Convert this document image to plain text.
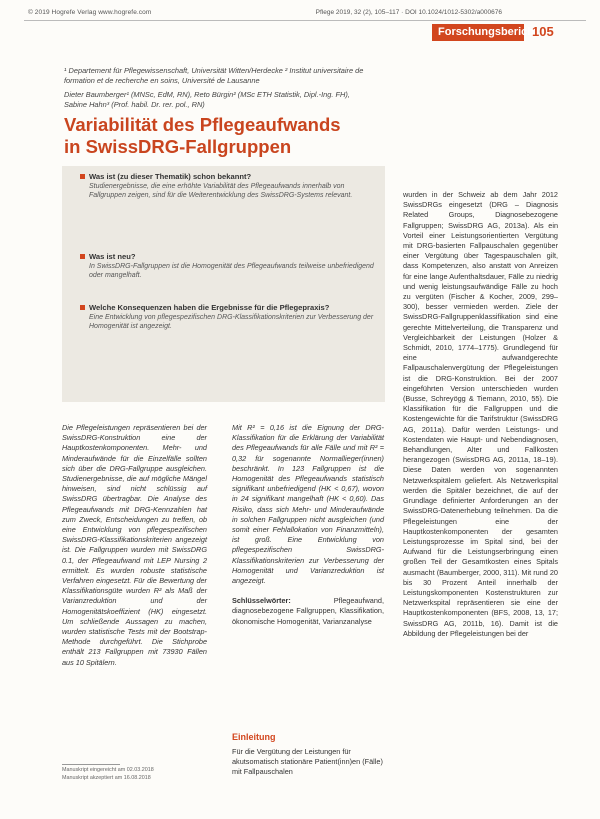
© 2019 Hogrefe Verlag www.hogrefe.com	Pflege 2019, 32 (2), 105–117 · DOI 10.1024/1012-5302/a000676
Forschungsbericht
105
¹ Departement für Pflegewissenschaft, Universität Witten/Herdecke ² Institut universitaire de formation et de recherche en soins, Université de Lausanne
Dieter Baumberger¹ (MNSc, EdM, RN), Reto Bürgin² (MSc ETH Statistik, Dipl.-Ing. FH),
Sabine Hahn³ (Prof. habil. Dr. rer. pol., RN)
Variabilität des Pflegeaufwands
in SwissDRG-Fallgruppen
Was ist (zu dieser Thematik) schon bekannt?
Studienergebnisse, die eine erhöhte Variabilität des Pflegeaufwands innerhalb von Fallgruppen zeigen, sind für die Weiterentwicklung des SwissDRG-Systems relevant.
Was ist neu?
In SwissDRG-Fallgruppen ist die Homogenität des Pflegeaufwands teilweise unbefriedigend oder mangelhaft.
Welche Konsequenzen haben die Ergebnisse für die Pflegepraxis?
Eine Entwicklung von pflegespezifischen DRG-Klassifikationskriterien zur Verbesserung der Homogenität ist angezeigt.
Die Pflegeleistungen repräsentieren bei der SwissDRG-Konstruktion eine der Hauptkostenkomponenten. Mehr- und Minderaufwände für die Einzelfälle sollten sich über die DRG-Fallgruppe ausgleichen. Studienergebnisse, die auf mögliche Mängel hinweisen, sind nicht schlüssig auf SwissDRG übertragbar. Die Analyse des Pflegeaufwands mit DRG-Kennzahlen hat zum Zweck, Entscheidungen zu treffen, ob eine Entwicklung von pflegespezifischen SwissDRG-Klassifikationskriterien angezeigt ist. Die Fallgruppen wurden mit SwissDRG 0.1, der Pflegeaufwand mit LEP Nursing 2 ermittelt. Es wurden robuste statistische Verfahren eingesetzt. Für die Bewertung der Klassifikationsgüte wurden R² als Maß der Varianzreduktion und der Homogenitätskoeffizient (HK) eingesetzt. Um schließende Aussagen zu machen, wurden statistische Tests mit der Bootstrap-Methode durchgeführt. Die Stichprobe enthält 213 Fallgruppen mit 73930 Fällen aus 10 Spitälern.

Mit R² = 0,16 ist die Eignung der DRG-Klassifikation für die Erklärung der Variabilität des Pflegeaufwands für alle Fälle und mit R² = 0,32 für sogenannte Normallieger(innen) beschränkt. In 123 Fallgruppen ist die Homogenität des Pflegeaufwands statistisch signifikant unbefriedigend (HK < 0,67), wovon in 24 signifikant mangelhaft (HK < 0,60). Das Risiko, dass sich Mehr- und Minderaufwände in solchen Fallgruppen nicht ausgleichen (und somit einer Fehlallokation von Finanzmitteln), ist groß. Eine Entwicklung von pflegespezifischen SwissDRG-Klassifikationskriterien zur Verbesserung der Homogenität und Varianzreduktion ist angezeigt.

Schlüsselwörter:	Pflegeaufwand, diagnosebezogene Fallgruppen, Klassifikation, ökonomische Homogenität, Varianzanalyse

Einleitung
Für die Vergütung der Leistungen für akutsomatisch stationäre Patient(inn)en (Fälle) mit Fallpauschalen
wurden in der Schweiz ab dem Jahr 2012 SwissDRGs eingesetzt (DRG – Diagnosis Related Groups, Diagnosebezogene Fallgruppen; SwissDRG AG, 2013a). Als ein Vorteil einer Leistungsorientierten Vergütung mit DRG-basierten Fallpauschalen gegenüber einer Vergütung über Tagespauschalen gilt, dass Kompetenzen, also anstatt von Anreizen für eine lange Aufenthaltsdauer, Fälle zu niedrig und wenig leistungsaufwändige Fälle zu hoch zu vergüten (Fischer & Kocher, 2009, 299–300), besser vermieden werden. Ziele der SwissDRG-Fallgruppenklassifikation sind eine gerechte Mittelverteilung, die Transparenz und Vergleichbarkeit der Leistungen (Holzer & Schmidt, 2010, 1774–1775). Grundlegend für eine aufwandgerechte Fallpauschalenvergütung der Pflegeleistungen ist die DRG-Konstruktion. Bei der 2007 eingeführten Version unterschieden wurden (Busse, Schreyögg & Tiemann, 2010, 55). Die Klassifikation für die Fallgruppen und die Kostengewichte für die Tarifstruktur (SwissDRG AG, 2011a). Dafür werden Leistungs- und Kostendaten wie Haupt- und Nebendiagnosen, Behandlungen, Alter und Fallkosten herangezogen (SwissDRG AG, 2011a, 18–19). Diese Daten werden von sogenannten Netzwerkspitälern geliefert. Als Netzwerkspital werden die Spitäler bezeichnet, die auf der Grundlage definierter Anforderungen an der SwissDRG-Datenerhebung teilnehmen. Da die Pflegeleistungen eine der Hauptkostenkomponenten der gesamten Leistungsprozesse im Spital sind, bei der Aufwand für die Leistungserbringung einen großen Teil der Gesamtkosten eines Spitals ausmacht (Baumberger, 2000, 311). Mit rund 20 bis 30 Prozent Anteil innerhalb der Leistungskomponenten Kostenstrukturen zur Netzwerkspital repräsentieren sie eine der Hauptkostenkomponenten (BFS, 2008, 13, 17; SwissDRG AG, 2011b, 16). Damit ist die Abbildung der Pflegeleistungen bei der
Manuskript eingereicht am 02.03.2018
Manuskript akzeptiert am 16.08.2018
